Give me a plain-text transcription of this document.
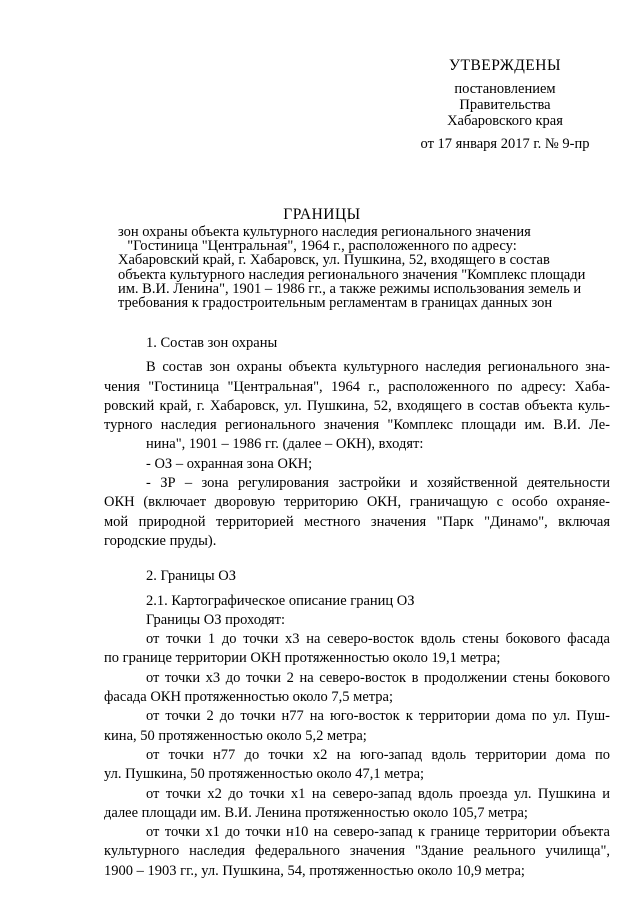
УТВЕРЖДЕНЫ
постановлением
Правительства
Хабаровского края
от 17 января 2017 г. № 9-пр
ГРАНИЦЫ
зон охраны объекта культурного наследия регионального значения
"Гостиница "Центральная", 1964 г., расположенного по адресу:
Хабаровский край, г. Хабаровск, ул. Пушкина, 52, входящего в состав
объекта культурного наследия регионального значения "Комплекс площади
им. В.И. Ленина", 1901 – 1986 гг., а также режимы использования земель и
требования к градостроительным регламентам в границах данных зон

1. Состав зон охраны

В состав зон охраны объекта культурного наследия регионального зна-

чения "Гостиница "Центральная", 1964 г., расположенного по адресу: Хаба-

ровский край, г. Хабаровск, ул. Пушкина, 52, входящего в состав объекта куль-

турного наследия регионального значения "Комплекс площади им. В.И. Ле-

нина", 1901 – 1986 гг. (далее – ОКН), входят:

- ОЗ – охранная зона ОКН;

- ЗР – зона регулирования застройки и хозяйственной деятельности

ОКН (включает дворовую территорию ОКН, граничащую с особо охраняе-

мой природной территорией местного значения "Парк "Динамо", включая

городские пруды).

2. Границы ОЗ

2.1. Картографическое описание границ ОЗ

Границы ОЗ проходят:

от точки 1 до точки х3 на северо-восток вдоль стены бокового фасада

по границе территории ОКН протяженностью около 19,1 метра;

от точки х3 до точки 2 на северо-восток в продолжении стены бокового

фасада ОКН протяженностью около 7,5 метра;

от точки 2 до точки н77 на юго-восток к территории дома по ул. Пуш-

кина, 50 протяженностью около 5,2 метра;

от точки н77 до точки х2 на юго-запад вдоль территории дома по

ул. Пушкина, 50 протяженностью около 47,1 метра;

от точки х2 до точки х1 на северо-запад вдоль проезда ул. Пушкина и

далее площади им. В.И. Ленина протяженностью около 105,7 метра;

от точки х1 до точки н10 на северо-запад к границе территории объекта

культурного наследия федерального значения "Здание реального училища",

1900 – 1903 гг., ул. Пушкина, 54, протяженностью около 10,9 метра;
